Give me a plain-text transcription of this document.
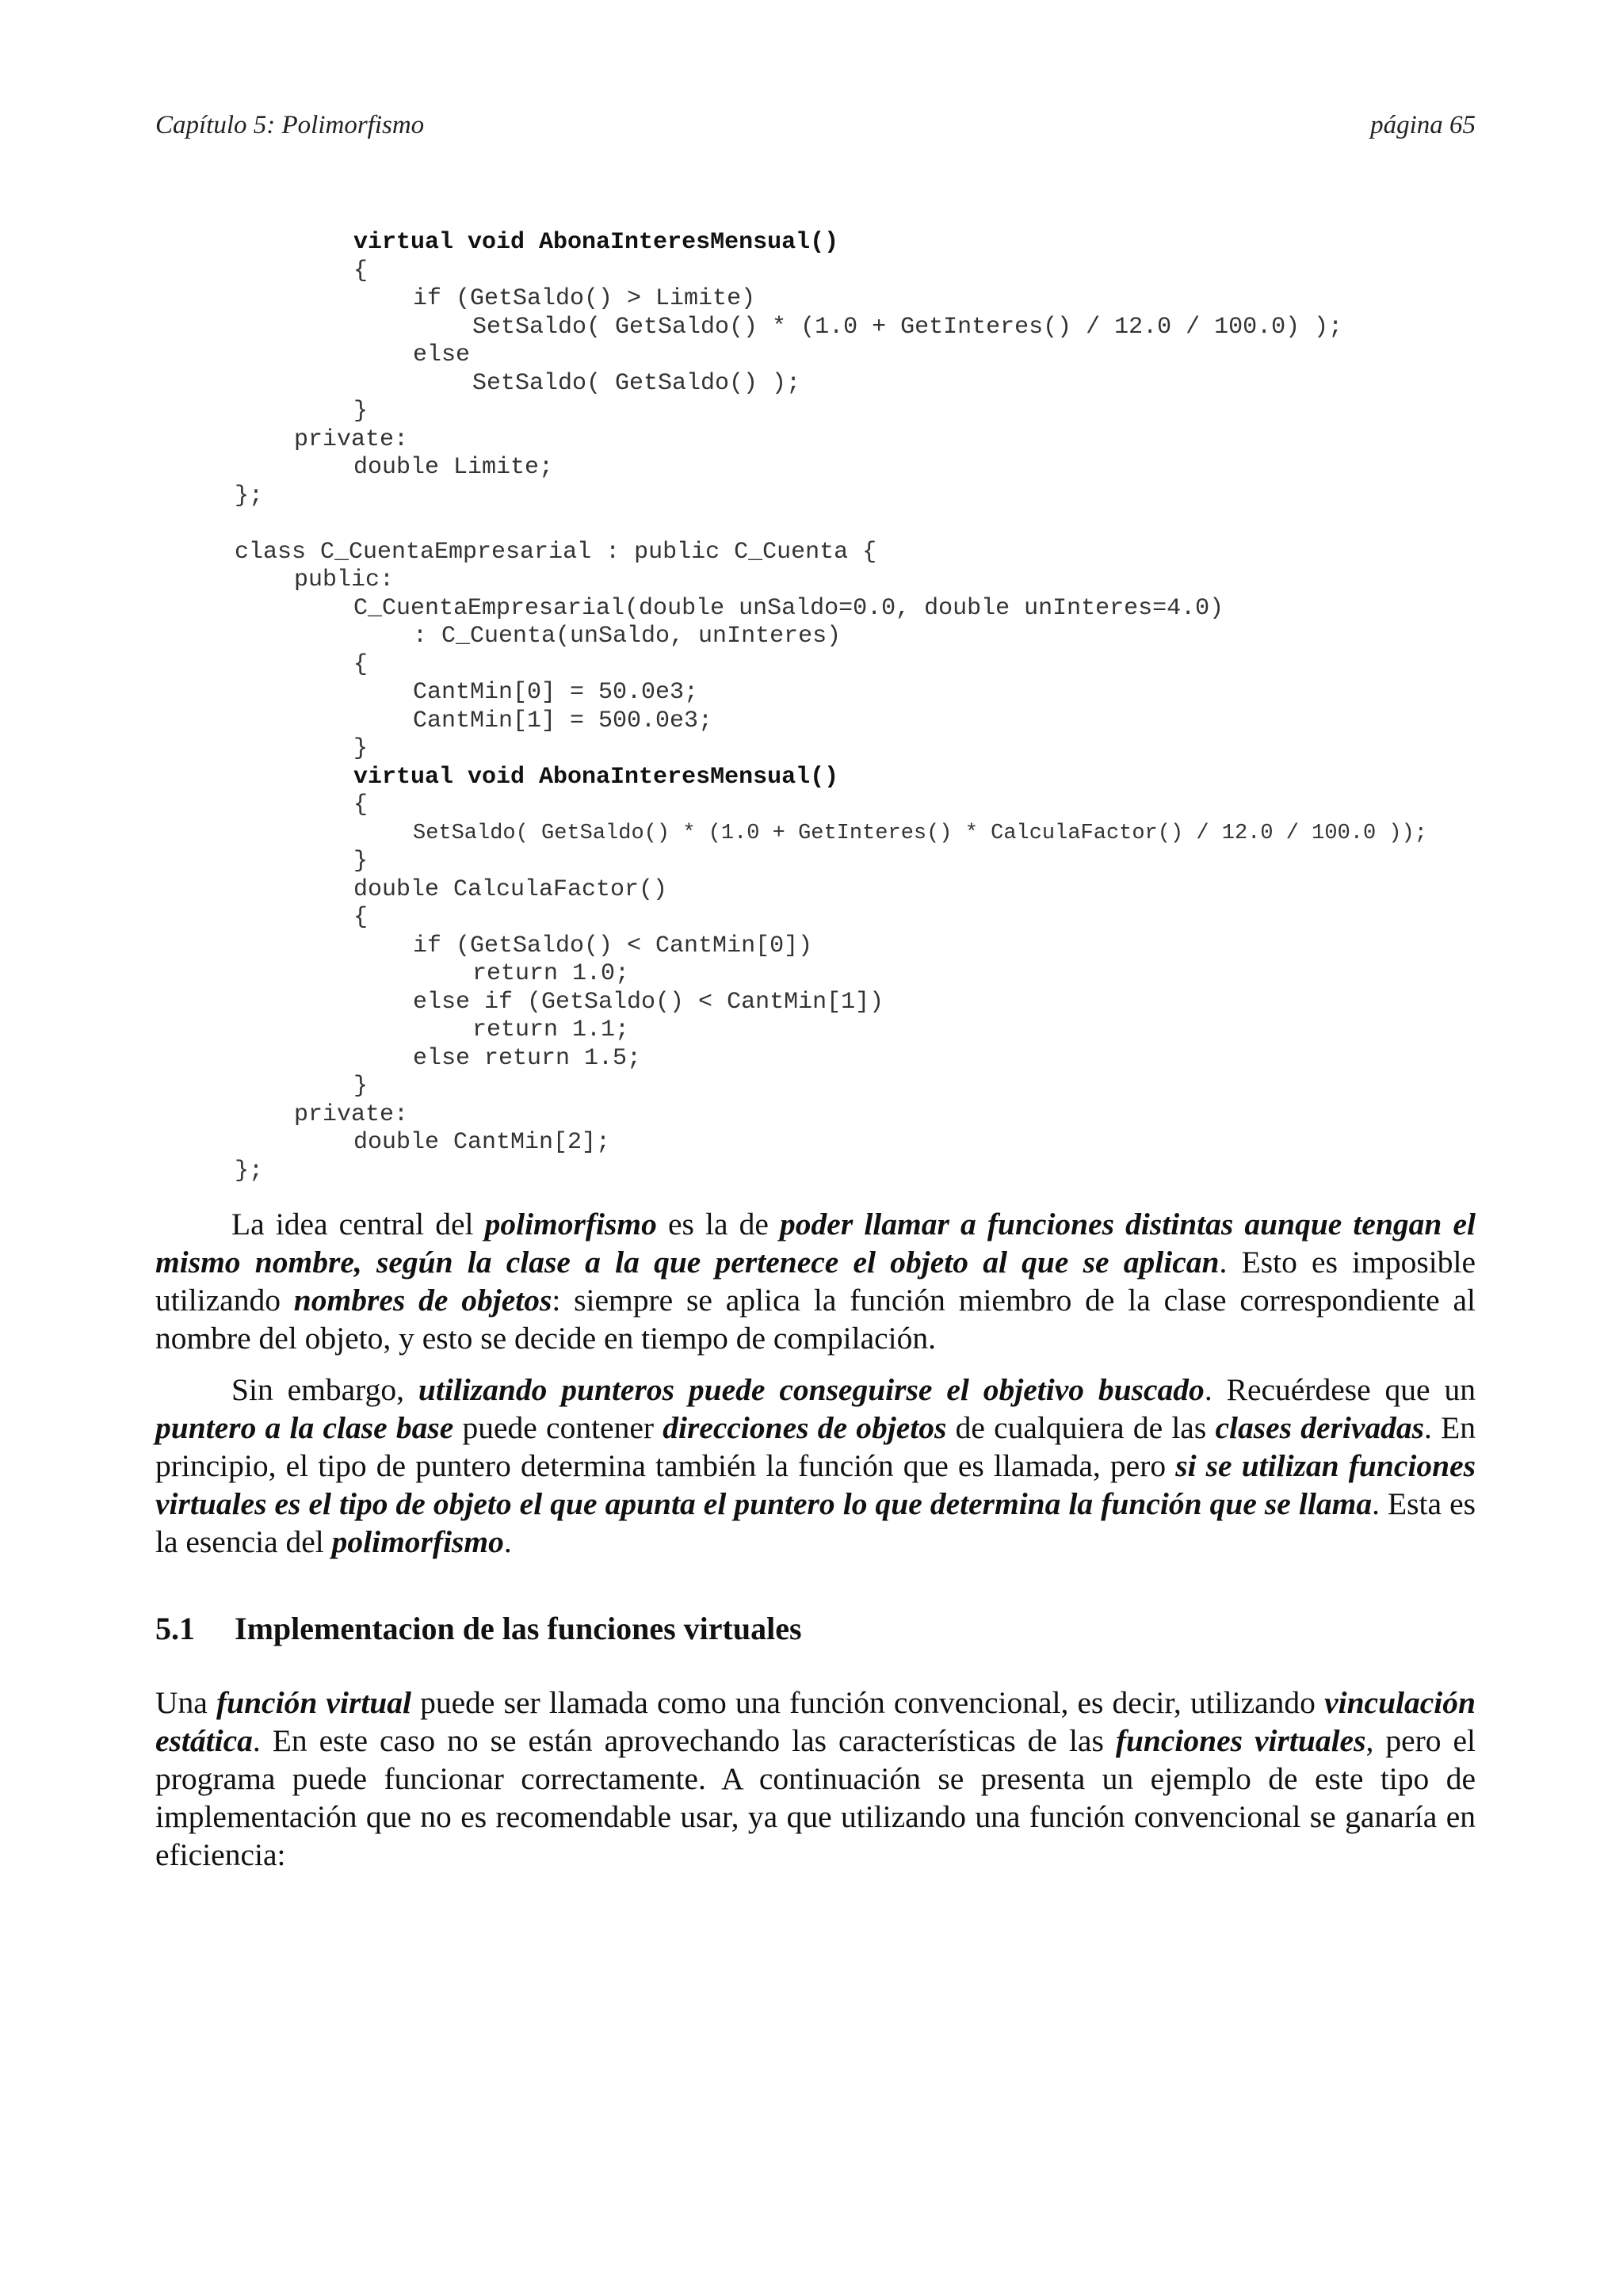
Capítulo 5: Polimorfismo	página 65
virtual void AbonaInteresMensual()
{
if (GetSaldo() > Limite)
SetSaldo( GetSaldo() * (1.0 + GetInteres() / 12.0 / 100.0) );
else
SetSaldo( GetSaldo() );
}
private:
double Limite;
};
class C_CuentaEmpresarial : public C_Cuenta {
public:
C_CuentaEmpresarial(double unSaldo=0.0, double unInteres=4.0)
: C_Cuenta(unSaldo, unInteres)
{
CantMin[0] = 50.0e3;
CantMin[1] = 500.0e3;
}
virtual void AbonaInteresMensual()
{
SetSaldo( GetSaldo() * (1.0 + GetInteres() * CalculaFactor() / 12.0 / 100.0 ));
}
double CalculaFactor()
{
if (GetSaldo() < CantMin[0])
return 1.0;
else if (GetSaldo() < CantMin[1])
return 1.1;
else return 1.5;
}
private:
double CantMin[2];
};

La idea central del polimorfismo es la de poder llamar a funciones distintas aunque tengan el mismo nombre, según la clase a la que pertenece el objeto al que se aplican. Esto es imposible utilizando nombres de objetos: siempre se aplica la función miembro de la clase correspondiente al nombre del objeto, y esto se decide en tiempo de compilación.

Sin embargo, utilizando punteros puede conseguirse el objetivo buscado. Recuérdese que un puntero a la clase base puede contener direcciones de objetos de cualquiera de las clases derivadas. En principio, el tipo de puntero determina también la función que es llamada, pero si se utilizan funciones virtuales es el tipo de objeto el que apunta el puntero lo que determina la función que se llama. Esta es la esencia del polimorfismo.

5.1	Implementacion de las funciones virtuales

Una función virtual puede ser llamada como una función convencional, es decir, utilizando vinculación estática. En este caso no se están aprovechando las características de las funciones virtuales, pero el programa puede funcionar correctamente. A continuación se presenta un ejemplo de este tipo de implementación que no es recomendable usar, ya que utilizando una función convencional se ganaría en eficiencia:
